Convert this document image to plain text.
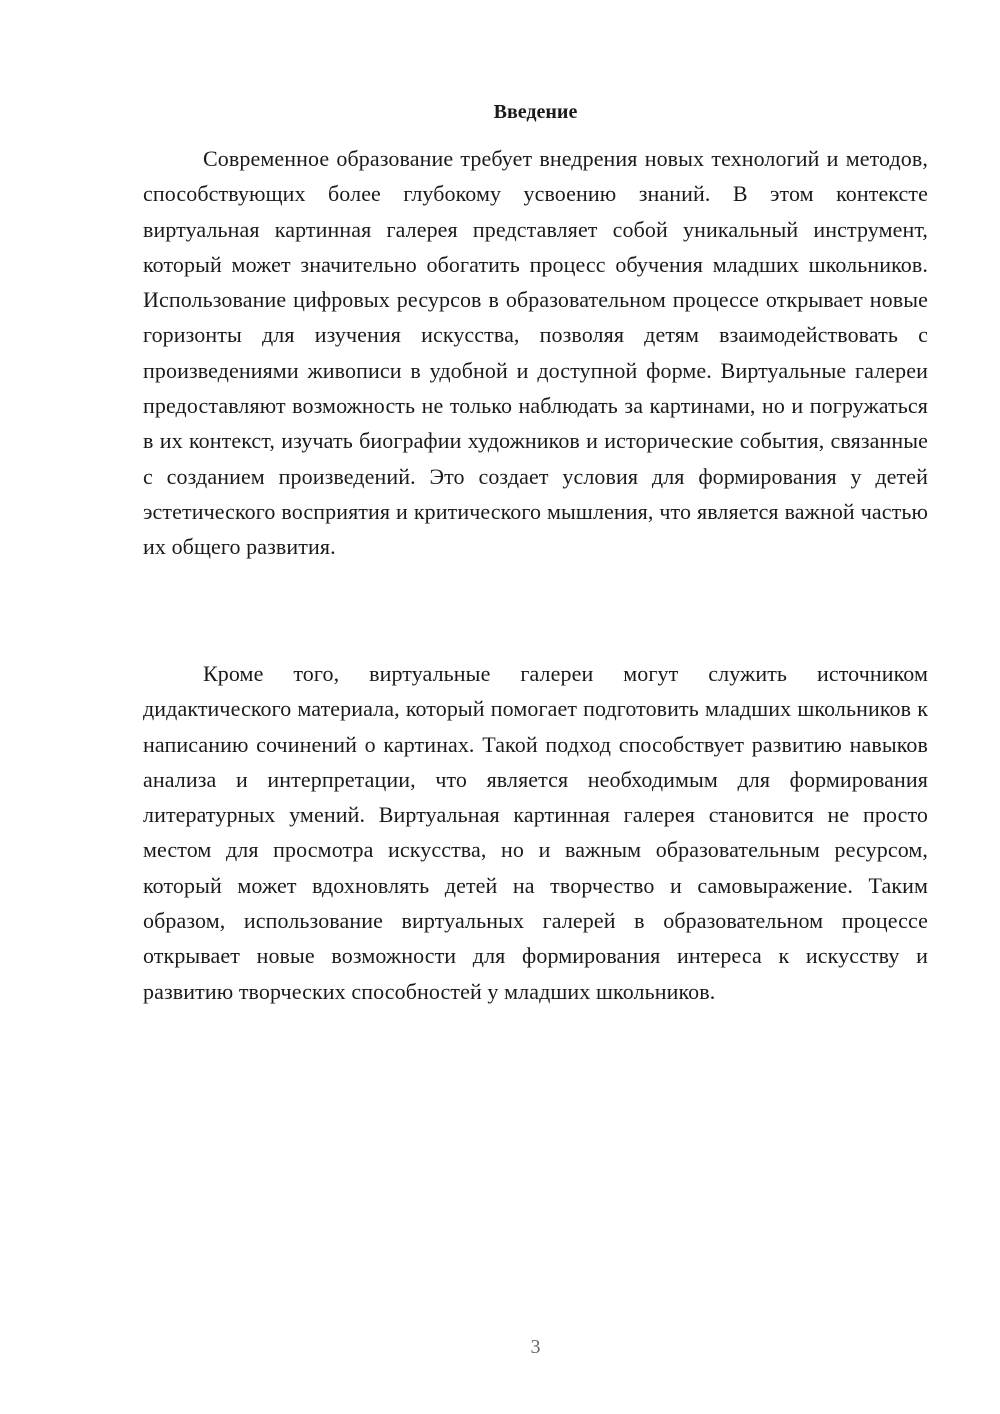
Введение

Современное образование требует внедрения новых технологий и методов, способствующих более глубокому усвоению знаний. В этом контексте виртуальная картинная галерея представляет собой уникальный инструмент, который может значительно обогатить процесс обучения младших школьников. Использование цифровых ресурсов в образовательном процессе открывает новые горизонты для изучения искусства, позволяя детям взаимодействовать с произведениями живописи в удобной и доступной форме. Виртуальные галереи предоставляют возможность не только наблюдать за картинами, но и погружаться в их контекст, изучать биографии художников и исторические события, связанные с созданием произведений. Это создает условия для формирования у детей эстетического восприятия и критического мышления, что является важной частью их общего развития.

Кроме того, виртуальные галереи могут служить источником дидактического материала, который помогает подготовить младших школьников к написанию сочинений о картинах. Такой подход способствует развитию навыков анализа и интерпретации, что является необходимым для формирования литературных умений. Виртуальная картинная галерея становится не просто местом для просмотра искусства, но и важным образовательным ресурсом, который может вдохновлять детей на творчество и самовыражение. Таким образом, использование виртуальных галерей в образовательном процессе открывает новые возможности для формирования интереса к искусству и развитию творческих способностей у младших школьников.

3
